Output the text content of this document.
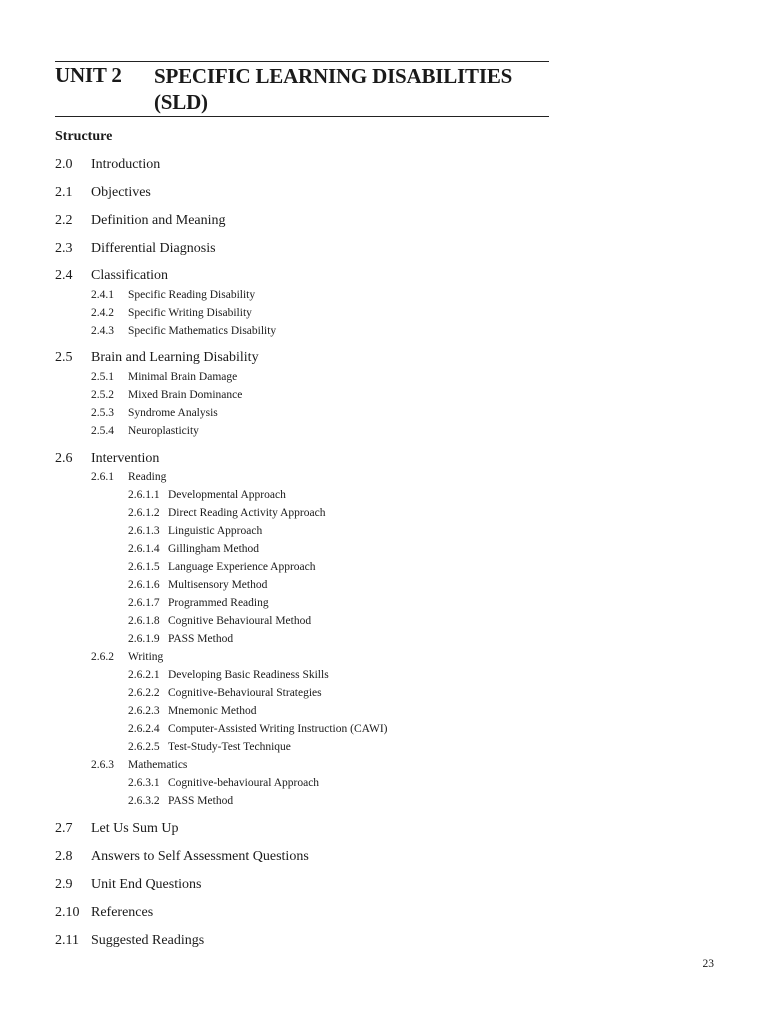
UNIT 2 SPECIFIC LEARNING DISABILITIES (SLD)
Structure
2.0 Introduction
2.1 Objectives
2.2 Definition and Meaning
2.3 Differential Diagnosis
2.4 Classification
2.4.1 Specific Reading Disability
2.4.2 Specific Writing Disability
2.4.3 Specific Mathematics Disability
2.5 Brain and Learning Disability
2.5.1 Minimal Brain Damage
2.5.2 Mixed Brain Dominance
2.5.3 Syndrome Analysis
2.5.4 Neuroplasticity
2.6 Intervention
2.6.1 Reading
2.6.1.1 Developmental Approach
2.6.1.2 Direct Reading Activity Approach
2.6.1.3 Linguistic Approach
2.6.1.4 Gillingham Method
2.6.1.5 Language Experience Approach
2.6.1.6 Multisensory Method
2.6.1.7 Programmed Reading
2.6.1.8 Cognitive Behavioural Method
2.6.1.9 PASS Method
2.6.2 Writing
2.6.2.1 Developing Basic Readiness Skills
2.6.2.2 Cognitive-Behavioural Strategies
2.6.2.3 Mnemonic Method
2.6.2.4 Computer-Assisted Writing Instruction (CAWI)
2.6.2.5 Test-Study-Test Technique
2.6.3 Mathematics
2.6.3.1 Cognitive-behavioural Approach
2.6.3.2 PASS Method
2.7 Let Us Sum Up
2.8 Answers to Self Assessment Questions
2.9 Unit End Questions
2.10 References
2.11 Suggested Readings
23
